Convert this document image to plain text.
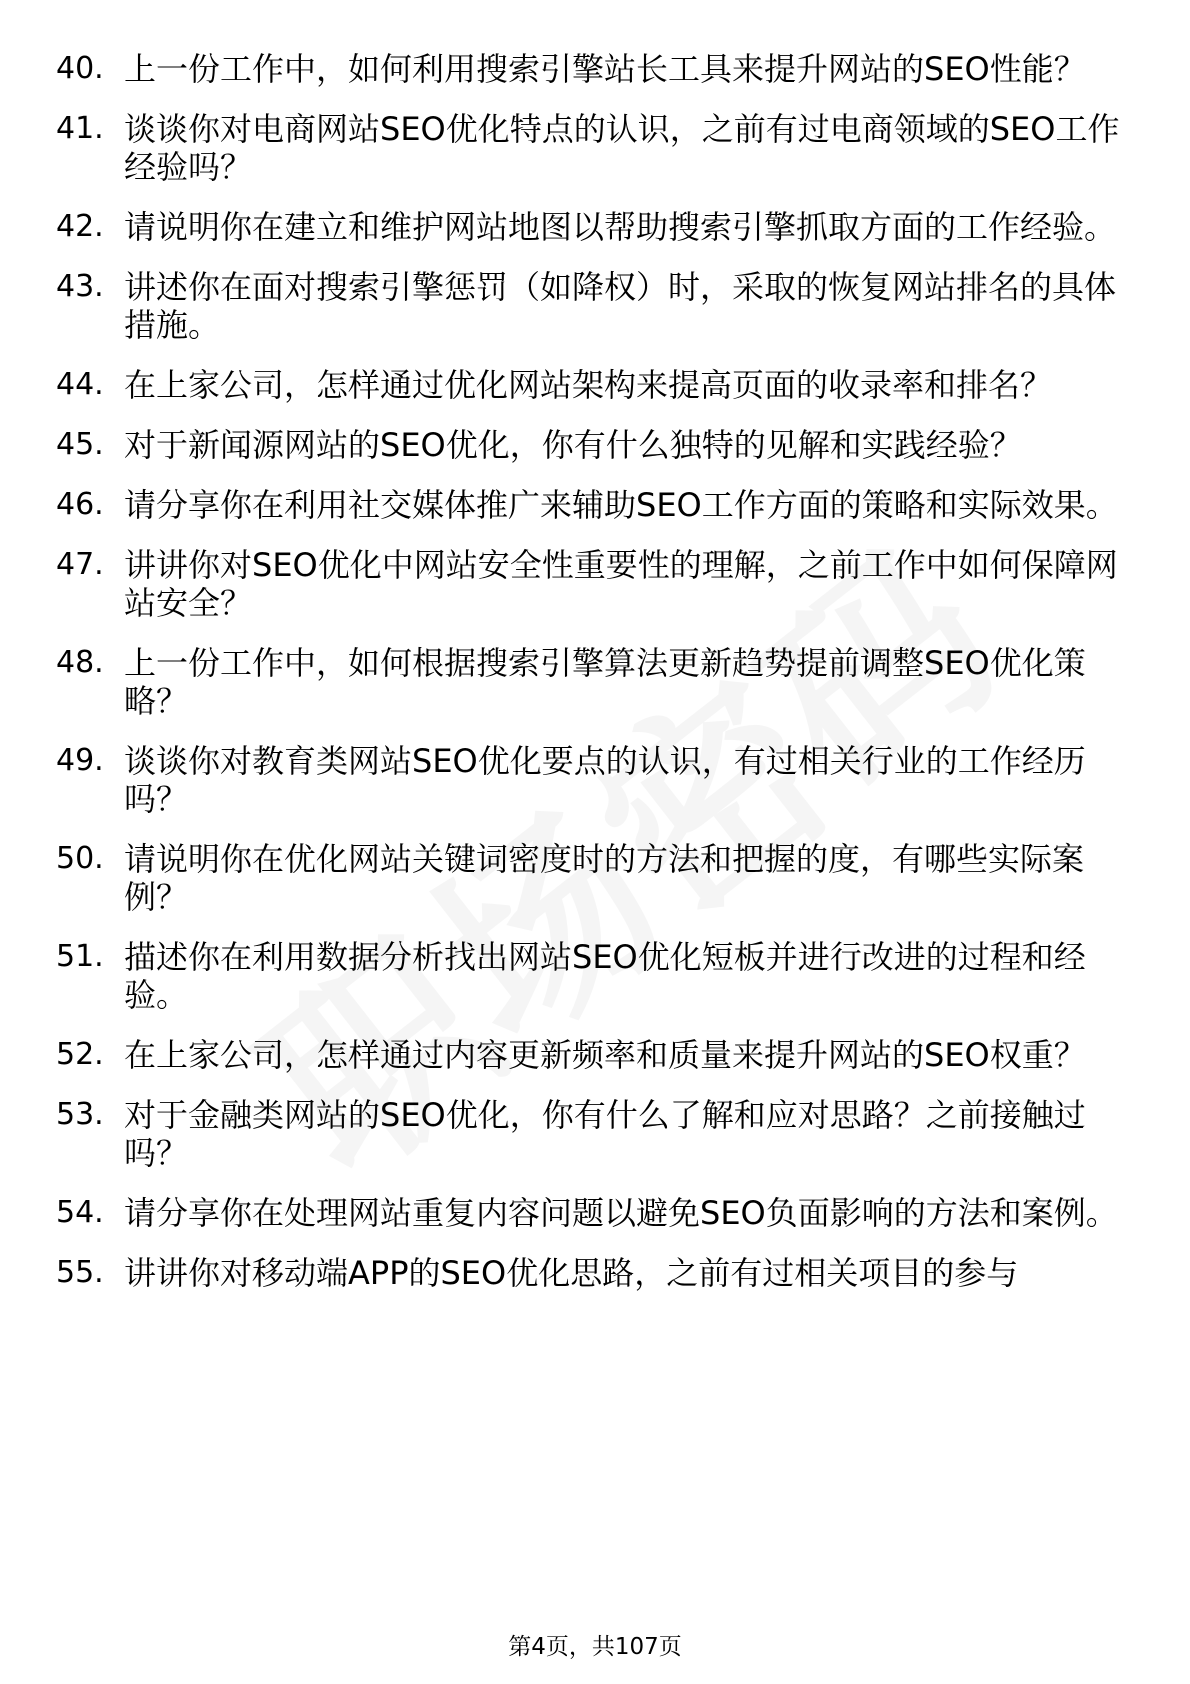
40. 上一份工作中，如何利用搜索引擎站长工具来提升网站的SEO性能？
41. 谈谈你对电商网站SEO优化特点的认识，之前有过电商领域的SEO工作经验吗？
42. 请说明你在建立和维护网站地图以帮助搜索引擎抓取方面的工作经验。
43. 讲述你在面对搜索引擎惩罚（如降权）时，采取的恢复网站排名的具体措施。
44. 在上家公司，怎样通过优化网站架构来提高页面的收录率和排名？
45. 对于新闻源网站的SEO优化，你有什么独特的见解和实践经验？
46. 请分享你在利用社交媒体推广来辅助SEO工作方面的策略和实际效果。
47. 讲讲你对SEO优化中网站安全性重要性的理解，之前工作中如何保障网站安全？
48. 上一份工作中，如何根据搜索引擎算法更新趋势提前调整SEO优化策略？
49. 谈谈你对教育类网站SEO优化要点的认识，有过相关行业的工作经历吗？
50. 请说明你在优化网站关键词密度时的方法和把握的度，有哪些实际案例？
51. 描述你在利用数据分析找出网站SEO优化短板并进行改进的过程和经验。
52. 在上家公司，怎样通过内容更新频率和质量来提升网站的SEO权重？
53. 对于金融类网站的SEO优化，你有什么了解和应对思路？之前接触过吗？
54. 请分享你在处理网站重复内容问题以避免SEO负面影响的方法和案例。
55. 讲讲你对移动端APP的SEO优化思路，之前有过相关项目的参与
第4页，共107页
